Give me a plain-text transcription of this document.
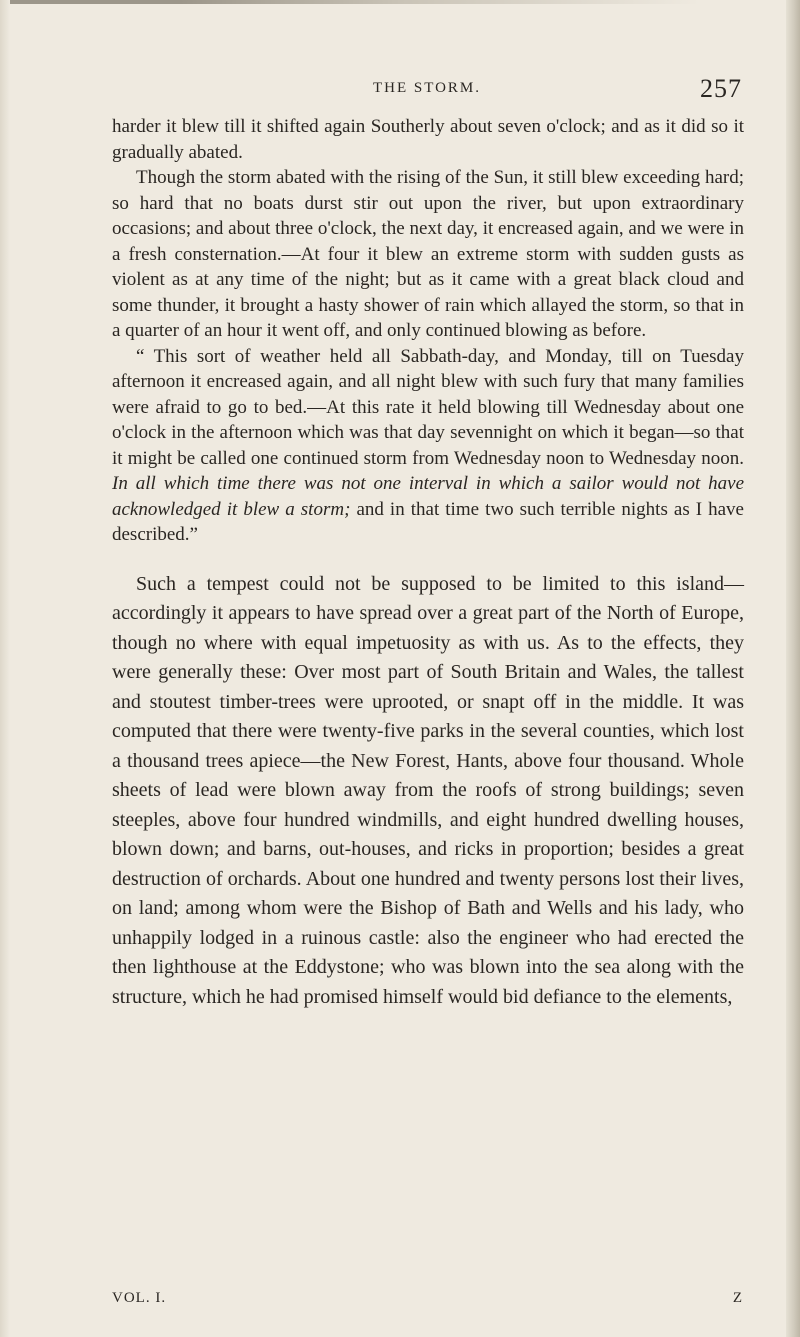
THE STORM.	257

harder it blew till it shifted again Southerly about seven o'clock; and as it did so it gradually abated.

Though the storm abated with the rising of the Sun, it still blew exceeding hard; so hard that no boats durst stir out upon the river, but upon extraordinary occasions; and about three o'clock, the next day, it encreased again, and we were in a fresh consternation.—At four it blew an extreme storm with sudden gusts as violent as at any time of the night; but as it came with a great black cloud and some thunder, it brought a hasty shower of rain which allayed the storm, so that in a quarter of an hour it went off, and only continued blowing as before.

“ This sort of weather held all Sabbath-day, and Monday, till on Tuesday afternoon it encreased again, and all night blew with such fury that many families were afraid to go to bed.—At this rate it held blowing till Wednesday about one o'clock in the afternoon which was that day sevennight on which it began—so that it might be called one continued storm from Wednesday noon to Wednesday noon. In all which time there was not one interval in which a sailor would not have acknowledged it blew a storm; and in that time two such terrible nights as I have described.”

Such a tempest could not be supposed to be limited to this island—accordingly it appears to have spread over a great part of the North of Europe, though no where with equal impetuosity as with us. As to the effects, they were generally these: Over most part of South Britain and Wales, the tallest and stoutest timber-trees were uprooted, or snapt off in the middle. It was computed that there were twenty-five parks in the several counties, which lost a thousand trees apiece—the New Forest, Hants, above four thousand. Whole sheets of lead were blown away from the roofs of strong buildings; seven steeples, above four hundred windmills, and eight hundred dwelling houses, blown down; and barns, out-houses, and ricks in proportion; besides a great destruction of orchards. About one hundred and twenty persons lost their lives, on land; among whom were the Bishop of Bath and Wells and his lady, who unhappily lodged in a ruinous castle: also the engineer who had erected the then lighthouse at the Eddystone; who was blown into the sea along with the structure, which he had promised himself would bid defiance to the elements,

VOL. I.	Z
